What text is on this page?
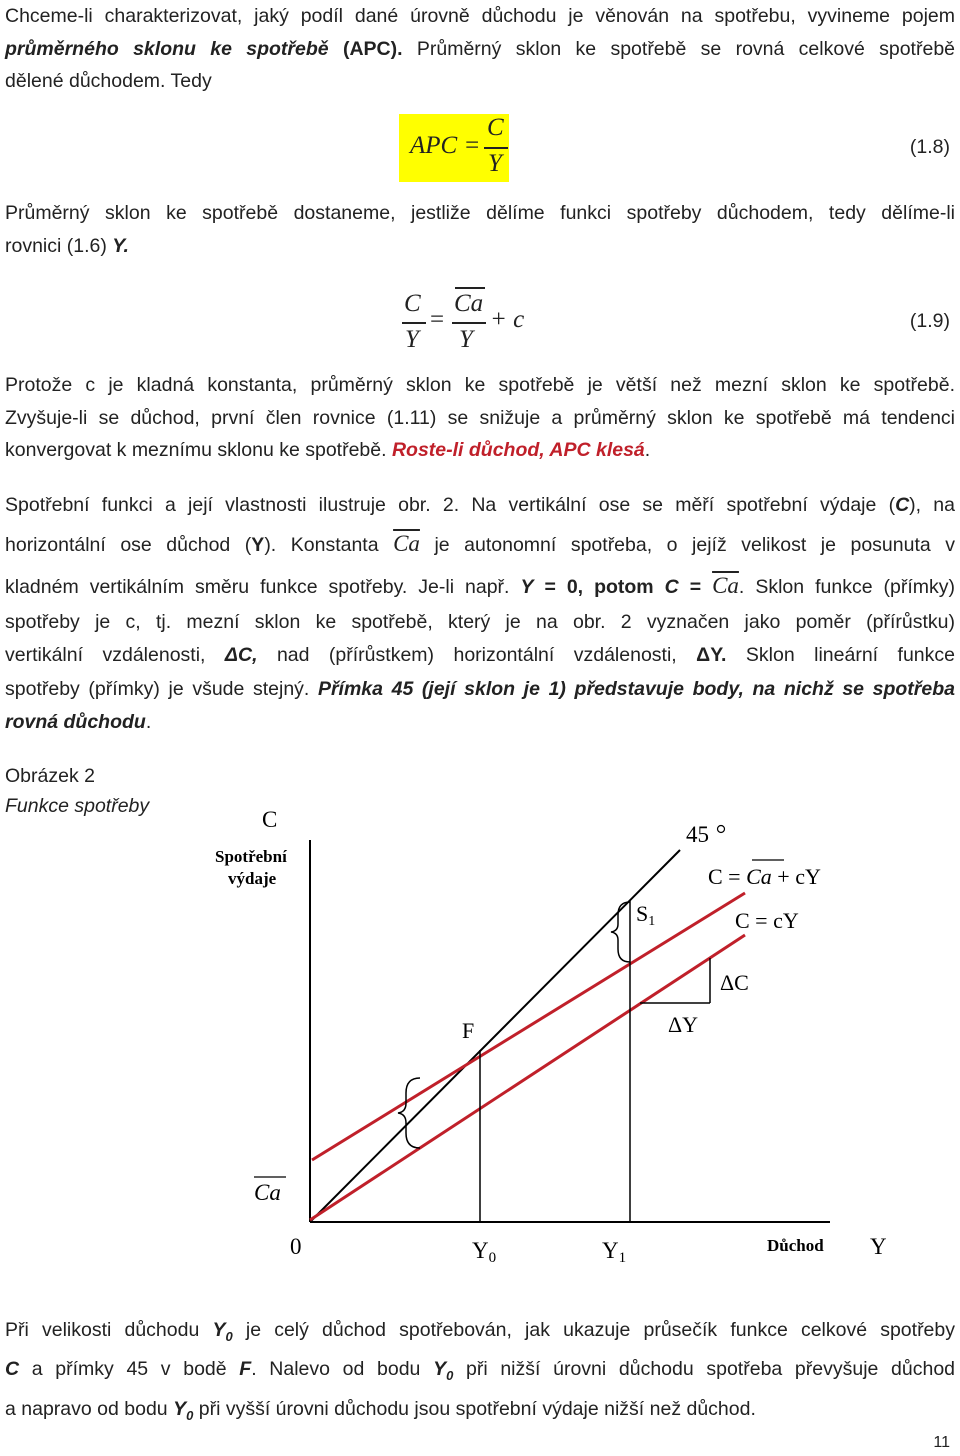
Chceme-li charakterizovat, jaký podíl dané úrovně důchodu je věnován na spotřebu, vyvineme pojem
průměrného sklonu ke spotřebě (APC). Průměrný sklon ke spotřebě se rovná celkové spotřebě
dělené důchodem. Tedy
APC =
C
Y
(1.8)
Průměrný sklon ke spotřebě dostaneme, jestliže dělíme funkci spotřeby důchodem, tedy dělíme-li
rovnici (1.6) Y.
C
Y
=
Ca
Y
+ c	(1.9)
Protože c je kladná konstanta, průměrný sklon ke spotřebě je větší než mezní sklon ke spotřebě.
Zvyšuje-li se důchod, první člen rovnice (1.11) se snižuje a průměrný sklon ke spotřebě má tendenci
konvergovat k meznímu sklonu ke spotřebě. Roste-li důchod, APC klesá.
Spotřební funkci a její vlastnosti ilustruje obr. 2. Na vertikální ose se měří spotřební výdaje (C), na
horizontální ose důchod (Y). Konstanta $\overline{Ca}$ je autonomní spotřeba, o jejíž velikost je posunuta v
kladném vertikálním směru funkce spotřeby. Je-li např. Y = 0, potom $C = \overline{Ca}$. Sklon funkce (přímky)
spotřeby je c, tj. mezní sklon ke spotřebě, který je na obr. 2 vyznačen jako poměr (přírůstku)
vertikální vzdálenosti, ΔC, nad (přírůstkem) horizontální vzdálenosti, ΔY. Sklon lineární funkce
spotřeby (přímky) je všude stejný. Přímka 45 (její sklon je 1) představuje body, na nichž se spotřeba
rovná důchodu.
Obrázek 2
Funkce spotřeby
C
Spotřební
výdaje
45
C = Ca + cY
C = cY
S1
ΔC
ΔY
F
Ca
0	Y0	Y1
Důchod Y
Při velikosti důchodu $Y_0$ je celý důchod spotřebován, jak ukazuje průsečík funkce celkové spotřeby
C a přímky 45 v bodě F. Nalevo od bodu $Y_0$ při nižší úrovni důchodu spotřeba převyšuje důchod
a napravo od bodu $Y_0$ při vyšší úrovni důchodu jsou spotřební výdaje nižší než důchod.
11
